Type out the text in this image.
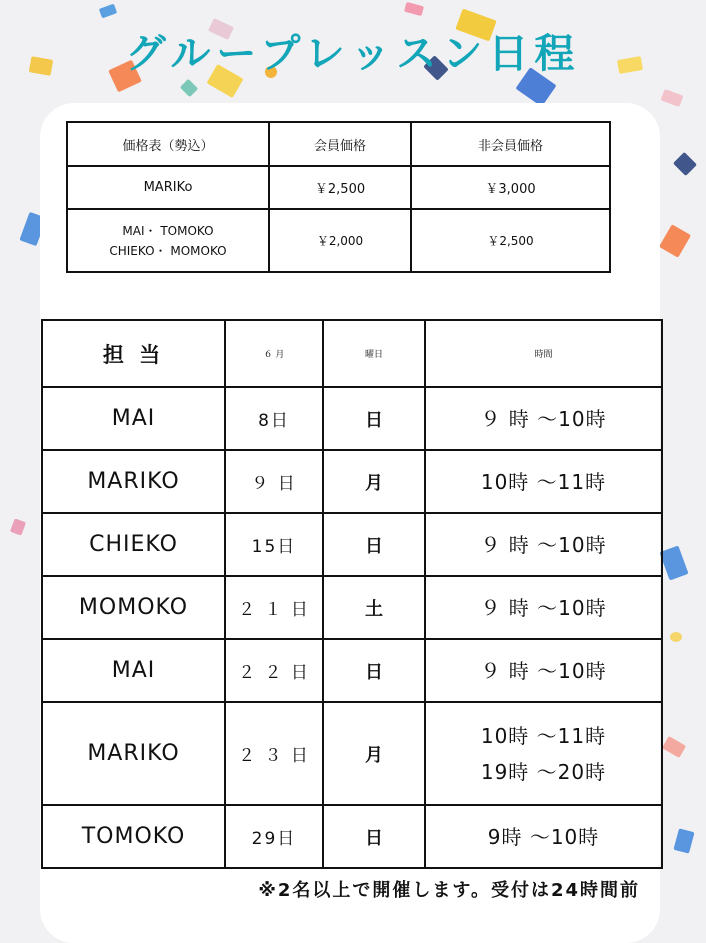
グループレッスン日程
価格表（勢込）	会員価格	非会員価格
MARIKo	￥2,500	￥3,000

MAI・ TOMOKO
CHIEKO・ MOMOKO	￥2,000	￥2,500
担 当	６ 月	曜日	時間
MAI	8日	日	９ 時 ～10時
MARIKO	９ 日	月	10時 ～11時
CHIEKO	15日	日	９ 時 ～10時
MOMOKO	２ １ 日	土	９ 時 ～10時
MAI	２ ２ 日	日	９ 時 ～10時
MARIKO	２ ３ 日	月	10時 ～11時
19時 ～20時

TOMOKO	29日	日	9時 ～10時
※2名以上で開催します。受付は24時間前
